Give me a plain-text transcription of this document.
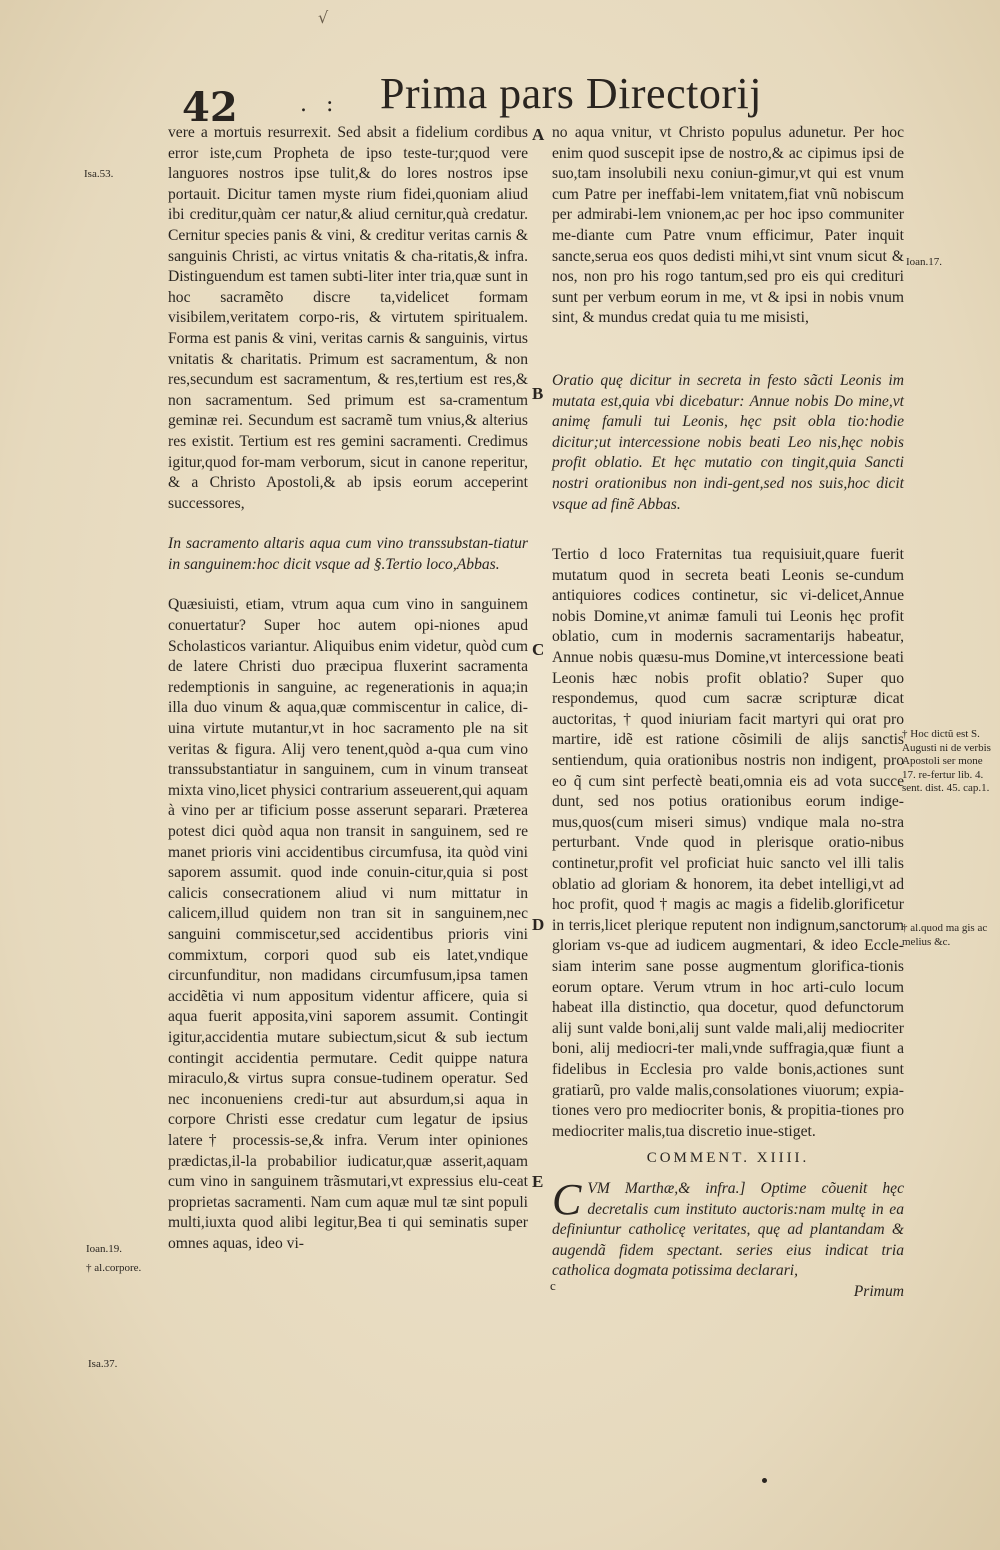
√
42	. : Prima pars Directorij

vere a mortuis resurrexit. Sed absit a fidelium cordibus error iste,cum Propheta de ipso teste-tur;quod vere languores nostros ipse tulit,& do lores nostros ipse portauit. Dicitur tamen myste rium fidei,quoniam aliud ibi creditur,quàm cer natur,& aliud cernitur,quà credatur. Cernitur species panis & vini, & creditur veritas carnis & sanguinis Christi, ac virtus vnitatis & cha-ritatis,& infra. Distinguendum est tamen subti-liter inter tria,quæ sunt in hoc sacramẽto discre ta,videlicet formam visibilem,veritatem corpo-ris, & virtutem spiritualem. Forma est panis & vini, veritas carnis & sanguinis, virtus vnitatis & charitatis. Primum est sacramentum, & non res,secundum est sacramentum, & res,tertium est res,& non sacramentum. Sed primum est sa-cramentum geminæ rei. Secundum est sacramẽ tum vnius,& alterius res existit. Tertium est res gemini sacramenti. Credimus igitur,quod for-mam verborum, sicut in canone reperitur, & a Christo Apostoli,& ab ipsis eorum acceperint successores,

In sacramento altaris aqua cum vino transsubstan-tiatur in sanguinem:hoc dicit vsque ad §.Tertio loco,Abbas.

Quæsiuisti, etiam, vtrum aqua cum vino in sanguinem conuertatur? Super hoc autem opi-niones apud Scholasticos variantur. Aliquibus enim videtur, quòd cum de latere Christi duo præcipua fluxerint sacramenta redemptionis in sanguine, ac regenerationis in aqua;in illa duo vinum & aqua,quæ commiscentur in calice, di-uina virtute mutantur,vt in hoc sacramento ple na sit veritas & figura. Alij vero tenent,quòd a-qua cum vino transsubstantiatur in sanguinem, cum in vinum transeat mixta vino,licet physici contrarium asseuerent,qui aquam à vino per ar tificium posse asserunt separari. Præterea potest dici quòd aqua non transit in sanguinem, sed re manet prioris vini accidentibus circumfusa, ita quòd vini saporem assumit. quod inde conuin-citur,quia si post calicis consecrationem aliud vi num mittatur in calicem,illud quidem non tran sit in sanguinem,nec sanguini commiscetur,sed accidentibus prioris vini commixtum, corpori quod sub eis latet,vndique circunfunditur, non madidans circumfusum,ipsa tamen accidẽtia vi num appositum videntur afficere, quia si aqua fuerit apposita,vini saporem assumit. Contingit igitur,accidentia mutare subiectum,sicut & sub iectum contingit accidentia permutare. Cedit quippe natura miraculo,& virtus supra consue-tudinem operatur. Sed nec inconueniens credi-tur aut absurdum,si aqua in corpore Christi esse credatur cum legatur de ipsius latere† processis-se,& infra. Verum inter opiniones prædictas,il-la probabilior iudicatur,quæ asserit,aquam cum vino in sanguinem trãsmutari,vt expressius elu-ceat proprietas sacramenti. Nam cum aquæ mul tæ sint populi multi,iuxta quod alibi legitur,Bea ti qui seminatis super omnes aquas, ideo vi-

no aqua vnitur, vt Christo populus adunetur. Per hoc enim quod suscepit ipse de nostro,& ac cipimus ipsi de suo,tam insolubili nexu coniun-gimur,vt qui est vnum cum Patre per ineffabi-lem vnitatem,fiat vnũ nobiscum per admirabi-lem vnionem,ac per hoc ipso communiter me-diante cum Patre vnum efficimur, Pater inquit sancte,serua eos quos dedisti mihi,vt sint vnum sicut & nos, non pro his rogo tantum,sed pro eis qui credituri sunt per verbum eorum in me, vt & ipsi in nobis vnum sint, & mundus credat quia tu me misisti,

Oratio quę dicitur in secreta in festo sãcti Leonis im mutata est,quia vbi dicebatur: Annue nobis Do mine,vt animę famuli tui Leonis, hęc psit obla tio:hodie dicitur;ut intercessione nobis beati Leo nis,hęc nobis profit oblatio. Et hęc mutatio con tingit,quia Sancti nostri orationibus non indi-gent,sed nos suis,hoc dicit vsque ad finẽ Abbas.

Tertio d loco Fraternitas tua requisiuit,quare fuerit mutatum quod in secreta beati Leonis se-cundum antiquiores codices continetur, sic vi-delicet,Annue nobis Domine,vt animæ famuli tui Leonis hęc profit oblatio, cum in modernis sacramentarijs habeatur, Annue nobis quæsu-mus Domine,vt intercessione beati Leonis hæc nobis profit oblatio? Super quo respondemus, quod cum sacræ scripturæ dicat auctoritas, † quod iniuriam facit martyri qui orat pro martire, idẽ est ratione cõsimili de alijs sanctis sentiendum, quia orationibus nostris non indigent, pro eo q̃ cum sint perfectè beati,omnia eis ad vota succe dunt, sed nos potius orationibus eorum indige-mus,quos(cum miseri simus) vndique mala no-stra perturbant. Vnde quod in plerisque oratio-nibus continetur,profit vel proficiat huic sancto vel illi talis oblatio ad gloriam & honorem, ita debet intelligi,vt ad hoc profit, quod † magis ac magis a fidelib.glorificetur in terris,licet plerique reputent non indignum,sanctorum gloriam vs-que ad iudicem augmentari, & ideo Eccle-siam interim sane posse augmentum glorifica-tionis eorum optare. Verum vtrum in hoc arti-culo locum habeat illa distinctio, qua docetur, quod defunctorum alij sunt valde boni,alij sunt valde mali,alij mediocriter boni, alij mediocri-ter mali,vnde suffragia,quæ fiunt a fidelibus in Ecclesia pro valde bonis,actiones sunt gratiarũ, pro valde malis,consolationes viuorum; expia-tiones vero pro mediocriter bonis, & propitia-tiones pro mediocriter malis,tua discretio inue-stiget.

COMMENT. XIIII.

CVM Marthæ,& infra.] Optime cõuenit hęc decretalis cum instituto auctoris:nam multę in ea definiuntur catholicę veritates, quę ad plantandam & augendã fidem spectant. series eius indicat tria catholica dogmata potissima declarari,

Primum

A
B
C
D
E
c
Isa.53.
Ioan.19.
† al.corpore.
Isa.37.
Ioan.17.
† Hoc dictũ est S. Augusti ni de verbis Apostoli ser mone 17. re-fertur lib. 4. sent. dist. 45. cap.1.
† al.quod ma gis ac melius &c.
